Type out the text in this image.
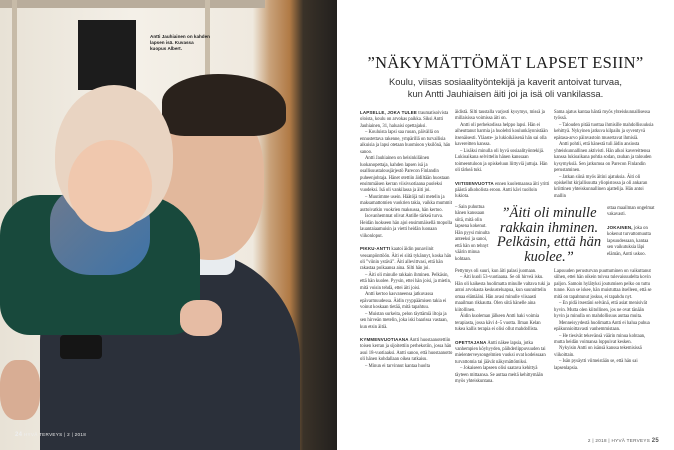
Antti Jauhiainen on kahden lapsen isä. Kuvassa kuopus Albert.
24 HYVÄ TERVEYS | 2 | 2018
”NÄKYMÄTTÖMÄT LAPSET ESIIN”
Koulu, viisas sosiaalityöntekijä ja kaverit antoivat turvaa,
kun Antti Jauhiaisen äiti joi ja isä oli vankilassa.

LAPSELLE, JOKA TULEE traumatisoivista oloista, koulu on arvokas paikka. Siksi Antti Jauhiainen, 31, haluaisi opettajaksi.

– Kouluista lapsi saa ruoan, päivällä on ennustettava rakenne, ympärillä on turvallisia aikuisia ja lapsi otetaan huomioon yksilönä, hän sanoo.

Antti Jauhiainen on helsinkiläinen luokanopettaja, kahden lapsen isä ja osallisuustalousjärjestö Parecon Finlandin puheenjohtaja. Hänet otettiin äidiltään huostaan ensimmäisen kerran viisivuotiaana puoleksi vuodeksi. Isä oli vankilassa ja äiti joi.

– Muutimme usein. Häätöjä tuli metelin ja maksamattomien vuokrien takia, vaikka mummit auttoivatkin vuokrien maksussa, hän kertoo.

Isovanhemmat olivat Antille tärkeä turva. Heidän luokseen hän ajoi ensimmäisellä mopolla lauantaiaamuisin ja vietti heidän luonaan viikonloput.

PIKKU-ANTTI kaatoi äidin punaviinit vessanpönttöön. Äiti ei siitä tykännyt, koska hän oli ”viinin ystävä”. Äiti allevittvasi, että hän rakastaa poikaansa aina. Silti hän joi.

– Äiti oli minulle rakkain ihminen. Pelkäsin, että hän kuolee. Pyysin, ettei hän joisi, ja mietin, mitä voisin tehdä, ettei äiti joisi.

Antti kertoo kasvaneensa jatkuvassa epävarmuudessa. Äidin ryyppäämisen takia ei voinut koskaan tietää, mitä tapahtuu.

– Muistan surkeita, pelon täyttämiä iltoja ja sen hirveän metelin, joka iski baarissa vastaan, kun etsin äitiä.

KYMMENVUOTIAANA Antti huostaanotettiin toisen kerran ja sijoitettiin perhekotiin, jossa hän asui 18-vuotiaaksi. Antti sanoo, että huostaanotto oli hänen kohdallaan oikea ratkaisu.

– Minun ei tarvinnut kantaa huolta

äidistä. Silti taustalla varjosti kysymys, missä ja millaisissa voimissa äiti on.

Antti oli perhekodissa helppo lapsi. Hän ei aiheuttanut harmia ja huolehti koulunkäynnistään itsenäisesti. Yläaste- ja lukioikäisenä hän sai olla kavereitten kanssa.

– Lisäksi minulla oli hyvä sosiaalityöntekijä. Lukioaikana selvittelin hänen kanssaan toimeentuloon ja opiskeluun liittyviä juttuja. Hän oli tärkeä tuki.

VIITISENVUOTTA ennen kuolemaansa äiti yritti päästä alkoholista eroon. Antti kävi tuolloin lukiota.

– Sain puhuttua hänen kanssaan siitä, mitä olin lapsena kokenut. Hän pyysi minulta anteeksi ja sanoi, että hän on tehnyt väärin minua kohtaan.

Pettymys oli suuri, kun äiti palasi juomaan.

– Äiti kuoli 53-vuotiaana. Se oli hirveä isku. Hän oli kaikesta huolimatta minulle valtava tuki ja antoi arvokasta keskusteluapua, kun suunnittelin omaa elämääni. Hän avasi minulle viisaasti maailman rikkautta. Olen siitä hänelle aina kiitollinen.

Äidin kuoleman jälkeen Antti haki voimia terapiasta, jossa kävi 4–5 vuotta. Ilman Kelan tukea kallis terapia ei olisi ollut mahdollista.

OPETTAJANA Antti näkee lapsia, jotka vanhempien köyhyyden, päihderiippuvuuden tai mielenterveysongelmien vuoksi ovat kodeissaan turvattomia tai jäävät näkymättömiksi.

– Jokaiseen lapseen olisi saatava kehittyä täyteen mittaansa. Se auttaa meitä kehittymään myös yhteiskuntana.

Sama ajatus kantaa häntä myös yhteiskunnallisessa työssä.

– Talouden pitää tuottaa ihmisille mahdollisuuksia kehittyä. Nykyinen jatkuva kilpailu ja syventyvä epätasa-arvo päinvastoin musertavat ihmisiä.

Antti pohtii, että hänestä tuli äidin ansiosta yhteiskunnallinen aktivisti. Hän alkoi kavereittensa kanssa lukioaikana pohtia sodan, rauhan ja talouden kysymyksiä. Sen jatkumoa on Parecon Finlandin perustaminen.

– Jatkan siinä myös äitini ajatuksia. Äiti oli opiskellut kirjallisuutta yliopistossa ja oli ankaran kriittinen yhteiskunnallinen ajattelija. Hän antoi mallin

ottaa maailman ongelmat vakavasti.

JOKAINEN, joka on kokenut turvattomuutta lapsuudessaan, kantaa sen vaikutuksia läpi elämän, Antti uskoo.

Lapsuuden perusturvan puuttuminen on vaikuttanut siihen, ettei hän oikein toivoa tulevaisuudelta kovin paljon. Samoin hylätyksi joutumisen pelko on tuttu tunne. Kun se iskee, hän muistuttaa itselleen, että se mitä on tapahtunut joskus, ei tapahdu nyt.

– En pidä itsestäni selvänä, että asiat menisivät hyvin. Mutta olen kiitollinen, jos ne ovat tänään hyvin ja minulla on mahdollisuus auttaa muita.

Menneisyydestä huolimatta Antti ei halua puhua epäkunnioittavasti vanhemmistaan.

– He tiesivät tekevänsä väärin minua kohtaan, mutta heidän voimansa loppuivat kesken.

Nykyisin Antti on isänsä kanssa tekemisissä viikoittain.

– Isän pysäytti viimeistään se, että hän sai lapsenlapsia.

”Äiti oli minulle rakkain ihminen. Pelkäsin, että hän kuolee.”
2 | 2018 | HYVÄ TERVEYS 25
